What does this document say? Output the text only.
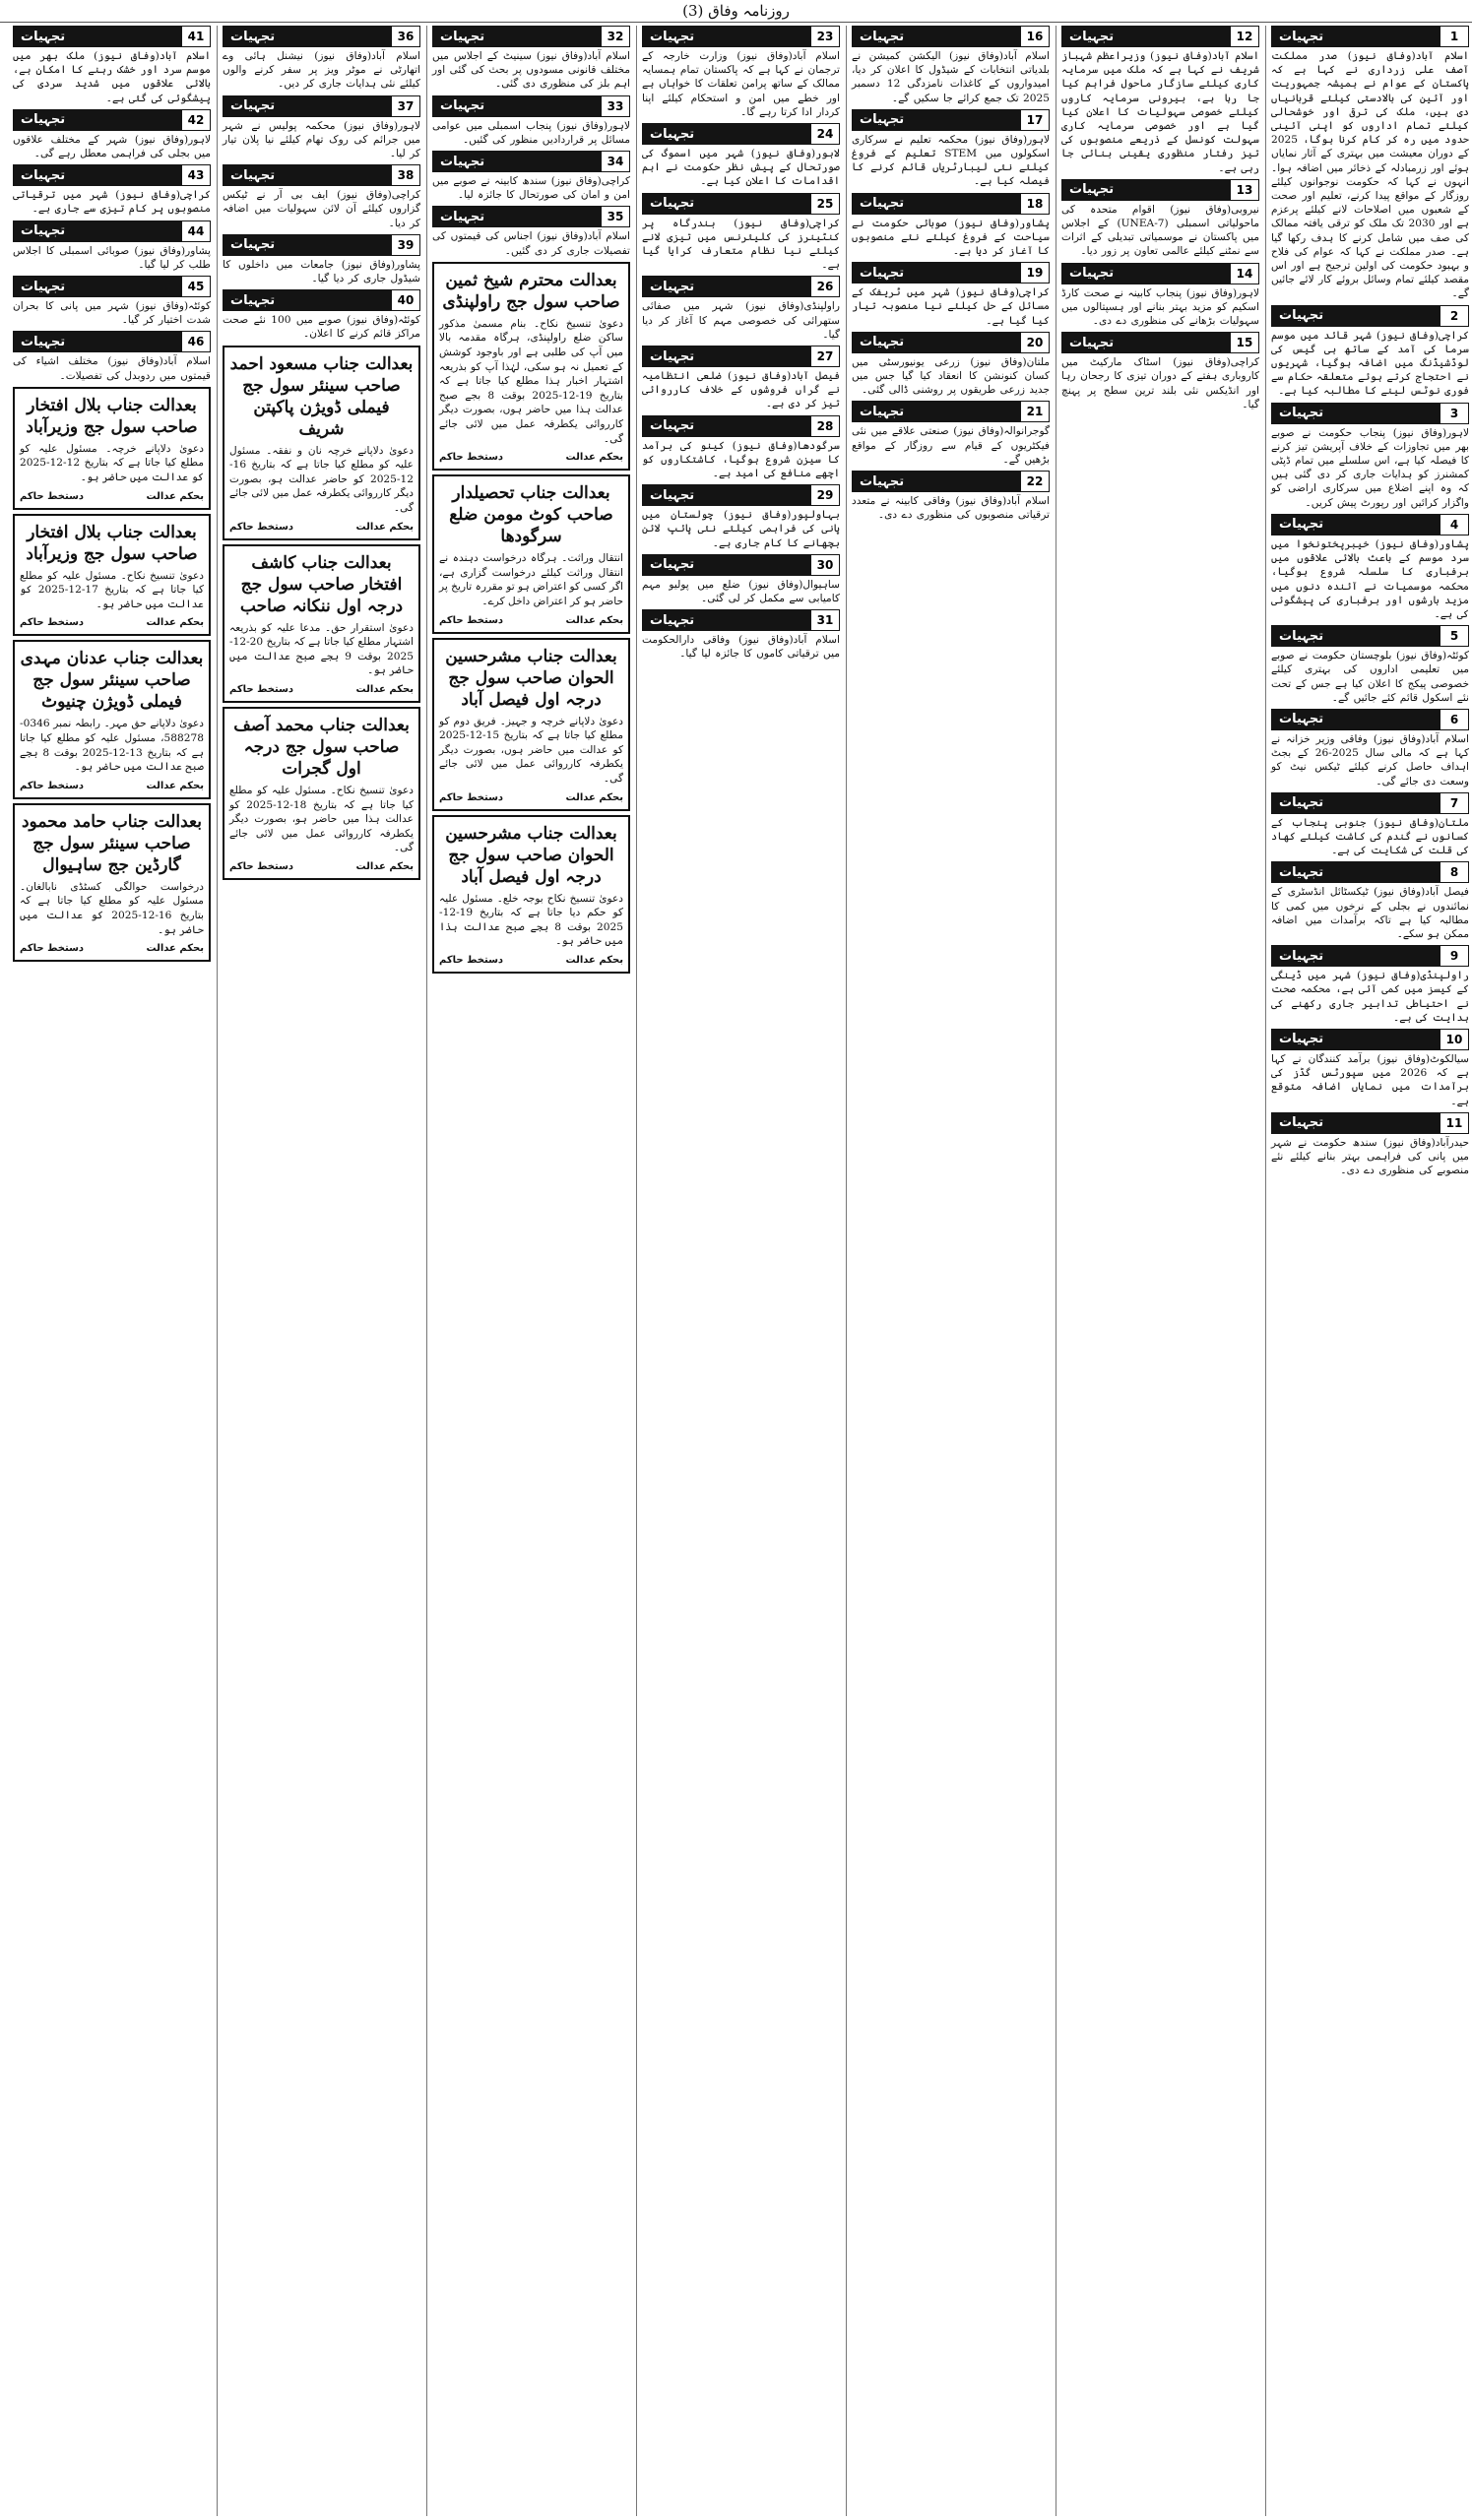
روزنامہ وفاق (3)
1
تجہیات
اسلام آباد(وفاق نیوز) صدر مملکت آصف علی زرداری نے کہا ہے کہ پاکستان کے عوام نے ہمیشہ جمہوریت اور آئین کی بالادستی کیلئے قربانیاں دی ہیں، ملک کی ترقی اور خوشحالی کیلئے تمام اداروں کو اپنی آئینی حدود میں رہ کر کام کرنا ہوگا، 2025 کے دوران معیشت میں بہتری کے آثار نمایاں ہوئے اور زرمبادلہ کے ذخائر میں اضافہ ہوا۔ انہوں نے کہا کہ حکومت نوجوانوں کیلئے روزگار کے مواقع پیدا کرنے، تعلیم اور صحت کے شعبوں میں اصلاحات لانے کیلئے پرعزم ہے اور 2030 تک ملک کو ترقی یافتہ ممالک کی صف میں شامل کرنے کا ہدف رکھا گیا ہے۔ صدر مملکت نے کہا کہ عوام کی فلاح و بہبود حکومت کی اولین ترجیح ہے اور اس مقصد کیلئے تمام وسائل بروئے کار لائے جائیں گے۔
2
تجہیات
کراچی(وفاق نیوز) شہر قائد میں موسم سرما کی آمد کے ساتھ ہی گیس کی لوڈشیڈنگ میں اضافہ ہوگیا، شہریوں نے احتجاج کرتے ہوئے متعلقہ حکام سے فوری نوٹس لینے کا مطالبہ کیا ہے۔
3
تجہیات
لاہور(وفاق نیوز) پنجاب حکومت نے صوبے بھر میں تجاوزات کے خلاف آپریشن تیز کرنے کا فیصلہ کیا ہے، اس سلسلے میں تمام ڈپٹی کمشنرز کو ہدایات جاری کر دی گئی ہیں کہ وہ اپنے اضلاع میں سرکاری اراضی کو واگزار کرائیں اور رپورٹ پیش کریں۔
4
تجہیات
پشاور(وفاق نیوز) خیبرپختونخوا میں سرد موسم کے باعث بالائی علاقوں میں برفباری کا سلسلہ شروع ہوگیا، محکمہ موسمیات نے آئندہ دنوں میں مزید بارشوں اور برفباری کی پیشگوئی کی ہے۔
5
تجہیات
کوئٹہ(وفاق نیوز) بلوچستان حکومت نے صوبے میں تعلیمی اداروں کی بہتری کیلئے خصوصی پیکج کا اعلان کیا ہے جس کے تحت نئے اسکول قائم کئے جائیں گے۔
6
تجہیات
اسلام آباد(وفاق نیوز) وفاقی وزیر خزانہ نے کہا ہے کہ مالی سال 2025-26 کے بجٹ اہداف حاصل کرنے کیلئے ٹیکس نیٹ کو وسعت دی جائے گی۔
7
تجہیات
ملتان(وفاق نیوز) جنوبی پنجاب کے کسانوں نے گندم کی کاشت کیلئے کھاد کی قلت کی شکایت کی ہے۔
8
تجہیات
فیصل آباد(وفاق نیوز) ٹیکسٹائل انڈسٹری کے نمائندوں نے بجلی کے نرخوں میں کمی کا مطالبہ کیا ہے تاکہ برآمدات میں اضافہ ممکن ہو سکے۔
9
تجہیات
راولپنڈی(وفاق نیوز) شہر میں ڈینگی کے کیسز میں کمی آئی ہے، محکمہ صحت نے احتیاطی تدابیر جاری رکھنے کی ہدایت کی ہے۔
10
تجہیات
سیالکوٹ(وفاق نیوز) برآمد کنندگان نے کہا ہے کہ 2026 میں سپورٹس گڈز کی برآمدات میں نمایاں اضافہ متوقع ہے۔
11
تجہیات
حیدرآباد(وفاق نیوز) سندھ حکومت نے شہر میں پانی کی فراہمی بہتر بنانے کیلئے نئے منصوبے کی منظوری دے دی۔
12
تجہیات
اسلام آباد(وفاق نیوز) وزیراعظم شہباز شریف نے کہا ہے کہ ملک میں سرمایہ کاری کیلئے سازگار ماحول فراہم کیا جا رہا ہے، بیرونی سرمایہ کاروں کیلئے خصوصی سہولیات کا اعلان کیا گیا ہے اور خصوصی سرمایہ کاری سہولت کونسل کے ذریعے منصوبوں کی تیز رفتار منظوری یقینی بنائی جا رہی ہے۔
13
تجہیات
نیروبی(وفاق نیوز) اقوام متحدہ کی ماحولیاتی اسمبلی (UNEA-7) کے اجلاس میں پاکستان نے موسمیاتی تبدیلی کے اثرات سے نمٹنے کیلئے عالمی تعاون پر زور دیا۔
14
تجہیات
لاہور(وفاق نیوز) پنجاب کابینہ نے صحت کارڈ اسکیم کو مزید بہتر بنانے اور ہسپتالوں میں سہولیات بڑھانے کی منظوری دے دی۔
15
تجہیات
کراچی(وفاق نیوز) اسٹاک مارکیٹ میں کاروباری ہفتے کے دوران تیزی کا رجحان رہا اور انڈیکس نئی بلند ترین سطح پر پہنچ گیا۔
16
تجہیات
اسلام آباد(وفاق نیوز) الیکشن کمیشن نے بلدیاتی انتخابات کے شیڈول کا اعلان کر دیا، امیدواروں کے کاغذات نامزدگی 12 دسمبر 2025 تک جمع کرائے جا سکیں گے۔
17
تجہیات
لاہور(وفاق نیوز) محکمہ تعلیم نے سرکاری اسکولوں میں STEM تعلیم کے فروغ کیلئے نئی لیبارٹریاں قائم کرنے کا فیصلہ کیا ہے۔
18
تجہیات
پشاور(وفاق نیوز) صوبائی حکومت نے سیاحت کے فروغ کیلئے نئے منصوبوں کا آغاز کر دیا ہے۔
19
تجہیات
کراچی(وفاق نیوز) شہر میں ٹریفک کے مسائل کے حل کیلئے نیا منصوبہ تیار کیا گیا ہے۔
20
تجہیات
ملتان(وفاق نیوز) زرعی یونیورسٹی میں کسان کنونشن کا انعقاد کیا گیا جس میں جدید زرعی طریقوں پر روشنی ڈالی گئی۔
21
تجہیات
گوجرانوالہ(وفاق نیوز) صنعتی علاقے میں نئی فیکٹریوں کے قیام سے روزگار کے مواقع بڑھیں گے۔
22
تجہیات
اسلام آباد(وفاق نیوز) وفاقی کابینہ نے متعدد ترقیاتی منصوبوں کی منظوری دے دی۔
23
تجہیات
اسلام آباد(وفاق نیوز) وزارت خارجہ کے ترجمان نے کہا ہے کہ پاکستان تمام ہمسایہ ممالک کے ساتھ پرامن تعلقات کا خواہاں ہے اور خطے میں امن و استحکام کیلئے اپنا کردار ادا کرتا رہے گا۔
24
تجہیات
لاہور(وفاق نیوز) شہر میں اسموگ کی صورتحال کے پیش نظر حکومت نے اہم اقدامات کا اعلان کیا ہے۔
25
تجہیات
کراچی(وفاق نیوز) بندرگاہ پر کنٹینرز کی کلیئرنس میں تیزی لانے کیلئے نیا نظام متعارف کرایا گیا ہے۔
26
تجہیات
راولپنڈی(وفاق نیوز) شہر میں صفائی ستھرائی کی خصوصی مہم کا آغاز کر دیا گیا۔
27
تجہیات
فیصل آباد(وفاق نیوز) ضلعی انتظامیہ نے گراں فروشوں کے خلاف کارروائی تیز کر دی ہے۔
28
تجہیات
سرگودھا(وفاق نیوز) کینو کی برآمد کا سیزن شروع ہوگیا، کاشتکاروں کو اچھے منافع کی امید ہے۔
29
تجہیات
بہاولپور(وفاق نیوز) چولستان میں پانی کی فراہمی کیلئے نئی پائپ لائن بچھانے کا کام جاری ہے۔
30
تجہیات
ساہیوال(وفاق نیوز) ضلع میں پولیو مہم کامیابی سے مکمل کر لی گئی۔
31
تجہیات
اسلام آباد(وفاق نیوز) وفاقی دارالحکومت میں ترقیاتی کاموں کا جائزہ لیا گیا۔
32
تجہیات
اسلام آباد(وفاق نیوز) سینیٹ کے اجلاس میں مختلف قانونی مسودوں پر بحث کی گئی اور اہم بلز کی منظوری دی گئی۔
33
تجہیات
لاہور(وفاق نیوز) پنجاب اسمبلی میں عوامی مسائل پر قراردادیں منظور کی گئیں۔
34
تجہیات
کراچی(وفاق نیوز) سندھ کابینہ نے صوبے میں امن و امان کی صورتحال کا جائزہ لیا۔
35
تجہیات
اسلام آباد(وفاق نیوز) اجناس کی قیمتوں کی تفصیلات جاری کر دی گئیں۔
بعدالت محترم شیخ ثمین صاحب سول جج راولپنڈی
دعویٰ تنسیخ نکاح۔ بنام مسمیٰ مذکور ساکن ضلع راولپنڈی، ہرگاہ مقدمہ بالا میں آپ کی طلبی ہے اور باوجود کوشش کے تعمیل نہ ہو سکی، لہٰذا آپ کو بذریعہ اشتہار اخبار ہذا مطلع کیا جاتا ہے کہ بتاریخ 19-12-2025 بوقت 8 بجے صبح عدالت ہذا میں حاضر ہوں، بصورت دیگر کارروائی یکطرفہ عمل میں لائی جائے گی۔
بحکم عدالت
دستخط حاکم
بعدالت جناب تحصیلدار صاحب کوٹ مومن ضلع سرگودھا
انتقال وراثت۔ ہرگاہ درخواست دہندہ نے انتقال وراثت کیلئے درخواست گزاری ہے، اگر کسی کو اعتراض ہو تو مقررہ تاریخ پر حاضر ہو کر اعتراض داخل کرے۔
بحکم عدالت
دستخط حاکم
بعدالت جناب مشرحسین الحوان صاحب سول جج درجہ اول فیصل آباد
دعویٰ دلاپانے خرچہ و جہیز۔ فریق دوم کو مطلع کیا جاتا ہے کہ بتاریخ 15-12-2025 کو عدالت میں حاضر ہوں، بصورت دیگر یکطرفہ کارروائی عمل میں لائی جائے گی۔
بحکم عدالت
دستخط حاکم
بعدالت جناب مشرحسین الحوان صاحب سول جج درجہ اول فیصل آباد
دعویٰ تنسیخ نکاح بوجہ خلع۔ مسئول علیہ کو حکم دیا جاتا ہے کہ بتاریخ 19-12-2025 بوقت 8 بجے صبح عدالت ہذا میں حاضر ہو۔
بحکم عدالت
دستخط حاکم
36
تجہیات
اسلام آباد(وفاق نیوز) نیشنل ہائی وے اتھارٹی نے موٹر ویز پر سفر کرنے والوں کیلئے نئی ہدایات جاری کر دیں۔
37
تجہیات
لاہور(وفاق نیوز) محکمہ پولیس نے شہر میں جرائم کی روک تھام کیلئے نیا پلان تیار کر لیا۔
38
تجہیات
کراچی(وفاق نیوز) ایف بی آر نے ٹیکس گزاروں کیلئے آن لائن سہولیات میں اضافہ کر دیا۔
39
تجہیات
پشاور(وفاق نیوز) جامعات میں داخلوں کا شیڈول جاری کر دیا گیا۔
40
تجہیات
کوئٹہ(وفاق نیوز) صوبے میں 100 نئے صحت مراکز قائم کرنے کا اعلان۔
بعدالت جناب مسعود احمد صاحب سینئر سول جج فیملی ڈویژن پاکپتن شریف
دعویٰ دلاپانے خرچہ نان و نفقہ۔ مسئول علیہ کو مطلع کیا جاتا ہے کہ بتاریخ 16-12-2025 کو حاضر عدالت ہو، بصورت دیگر کارروائی یکطرفہ عمل میں لائی جائے گی۔
بحکم عدالت
دستخط حاکم
بعدالت جناب کاشف افتخار صاحب سول جج درجہ اول ننکانہ صاحب
دعویٰ استقرار حق۔ مدعا علیہ کو بذریعہ اشتہار مطلع کیا جاتا ہے کہ بتاریخ 20-12-2025 بوقت 9 بجے صبح عدالت میں حاضر ہو۔
بحکم عدالت
دستخط حاکم
بعدالت جناب محمد آصف صاحب سول جج درجہ اول گجرات
دعویٰ تنسیخ نکاح۔ مسئول علیہ کو مطلع کیا جاتا ہے کہ بتاریخ 18-12-2025 کو عدالت ہذا میں حاضر ہو، بصورت دیگر یکطرفہ کارروائی عمل میں لائی جائے گی۔
بحکم عدالت
دستخط حاکم
41
تجہیات
اسلام آباد(وفاق نیوز) ملک بھر میں موسم سرد اور خشک رہنے کا امکان ہے، بالائی علاقوں میں شدید سردی کی پیشگوئی کی گئی ہے۔
42
تجہیات
لاہور(وفاق نیوز) شہر کے مختلف علاقوں میں بجلی کی فراہمی معطل رہے گی۔
43
تجہیات
کراچی(وفاق نیوز) شہر میں ترقیاتی منصوبوں پر کام تیزی سے جاری ہے۔
44
تجہیات
پشاور(وفاق نیوز) صوبائی اسمبلی کا اجلاس طلب کر لیا گیا۔
45
تجہیات
کوئٹہ(وفاق نیوز) شہر میں پانی کا بحران شدت اختیار کر گیا۔
46
تجہیات
اسلام آباد(وفاق نیوز) مختلف اشیاء کی قیمتوں میں ردوبدل کی تفصیلات۔
بعدالت جناب بلال افتخار صاحب سول جج وزیرآباد
دعویٰ دلاپانے خرچہ۔ مسئول علیہ کو مطلع کیا جاتا ہے کہ بتاریخ 12-12-2025 کو عدالت میں حاضر ہو۔
بحکم عدالت
دستخط حاکم
بعدالت جناب بلال افتخار صاحب سول جج وزیرآباد
دعویٰ تنسیخ نکاح۔ مسئول علیہ کو مطلع کیا جاتا ہے کہ بتاریخ 17-12-2025 کو عدالت میں حاضر ہو۔
بحکم عدالت
دستخط حاکم
بعدالت جناب عدنان مہدی صاحب سینئر سول جج فیملی ڈویژن چنیوٹ
دعویٰ دلاپانے حق مہر۔ رابطہ نمبر 0346-588278، مسئول علیہ کو مطلع کیا جاتا ہے کہ بتاریخ 13-12-2025 بوقت 8 بجے صبح عدالت میں حاضر ہو۔
بحکم عدالت
دستخط حاکم
بعدالت جناب حامد محمود صاحب سینئر سول جج گارڈین جج ساہیوال
درخواست حوالگی کسٹڈی نابالغان۔ مسئول علیہ کو مطلع کیا جاتا ہے کہ بتاریخ 16-12-2025 کو عدالت میں حاضر ہو۔
بحکم عدالت
دستخط حاکم
